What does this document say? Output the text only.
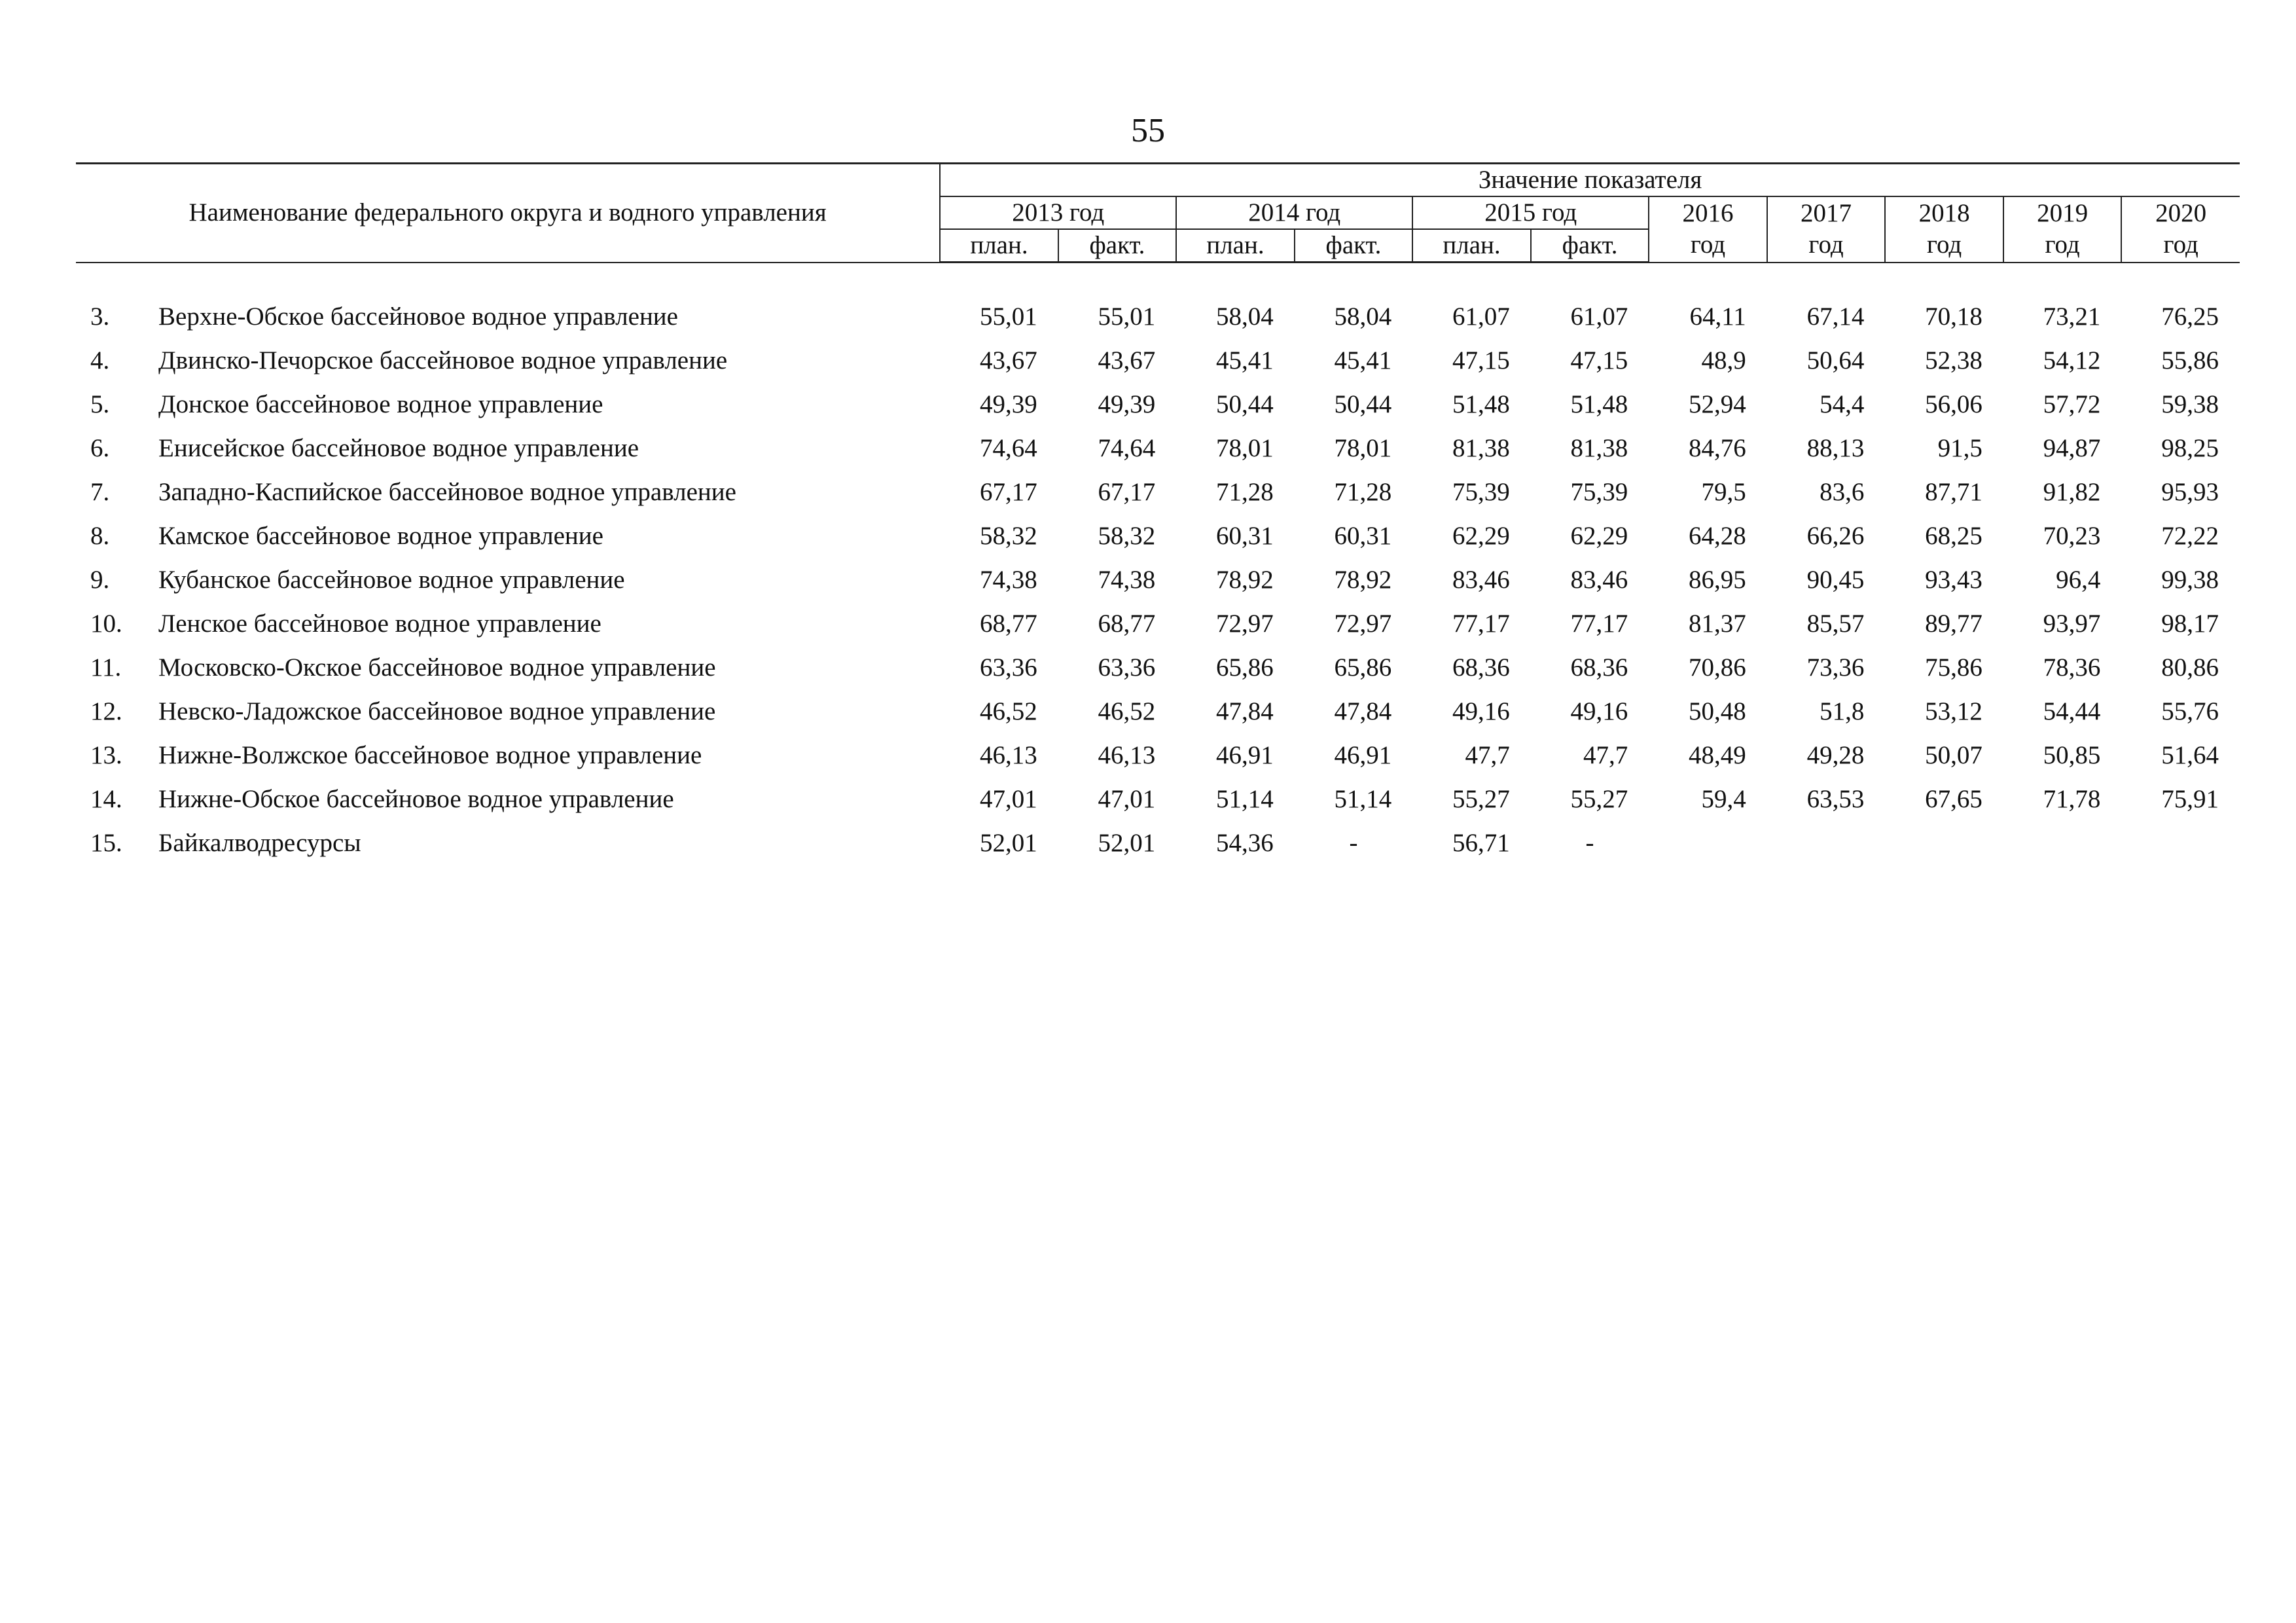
55
Наименование федерального округа и водного управления		Значение показателя										
		2013 год		2014 год		2015 год		2016
год	2017
год	2018
год	2019
год	2020
год
		план.	факт.	план.	факт.	план.	факт.					

3.	Верхне-Обское бассейновое водное управление	55,01	55,01	58,04	58,04	61,07	61,07	64,11	67,14	70,18	73,21	76,25
4.	Двинско-Печорское бассейновое водное управление	43,67	43,67	45,41	45,41	47,15	47,15	48,9	50,64	52,38	54,12	55,86
5.	Донское бассейновое водное управление	49,39	49,39	50,44	50,44	51,48	51,48	52,94	54,4	56,06	57,72	59,38
6.	Енисейское бассейновое водное управление	74,64	74,64	78,01	78,01	81,38	81,38	84,76	88,13	91,5	94,87	98,25
7.	Западно-Каспийское бассейновое водное управление	67,17	67,17	71,28	71,28	75,39	75,39	79,5	83,6	87,71	91,82	95,93
8.	Камское бассейновое водное управление	58,32	58,32	60,31	60,31	62,29	62,29	64,28	66,26	68,25	70,23	72,22
9.	Кубанское бассейновое водное управление	74,38	74,38	78,92	78,92	83,46	83,46	86,95	90,45	93,43	96,4	99,38
10.	Ленское бассейновое водное управление	68,77	68,77	72,97	72,97	77,17	77,17	81,37	85,57	89,77	93,97	98,17
11.	Московско-Окское бассейновое водное управление	63,36	63,36	65,86	65,86	68,36	68,36	70,86	73,36	75,86	78,36	80,86
12.	Невско-Ладожское бассейновое водное управление	46,52	46,52	47,84	47,84	49,16	49,16	50,48	51,8	53,12	54,44	55,76
13.	Нижне-Волжское бассейновое водное управление	46,13	46,13	46,91	46,91	47,7	47,7	48,49	49,28	50,07	50,85	51,64
14.	Нижне-Обское бассейновое водное управление	47,01	47,01	51,14	51,14	55,27	55,27	59,4	63,53	67,65	71,78	75,91
15.	Байкалводресурсы	52,01	52,01	54,36	-	56,71	-					
